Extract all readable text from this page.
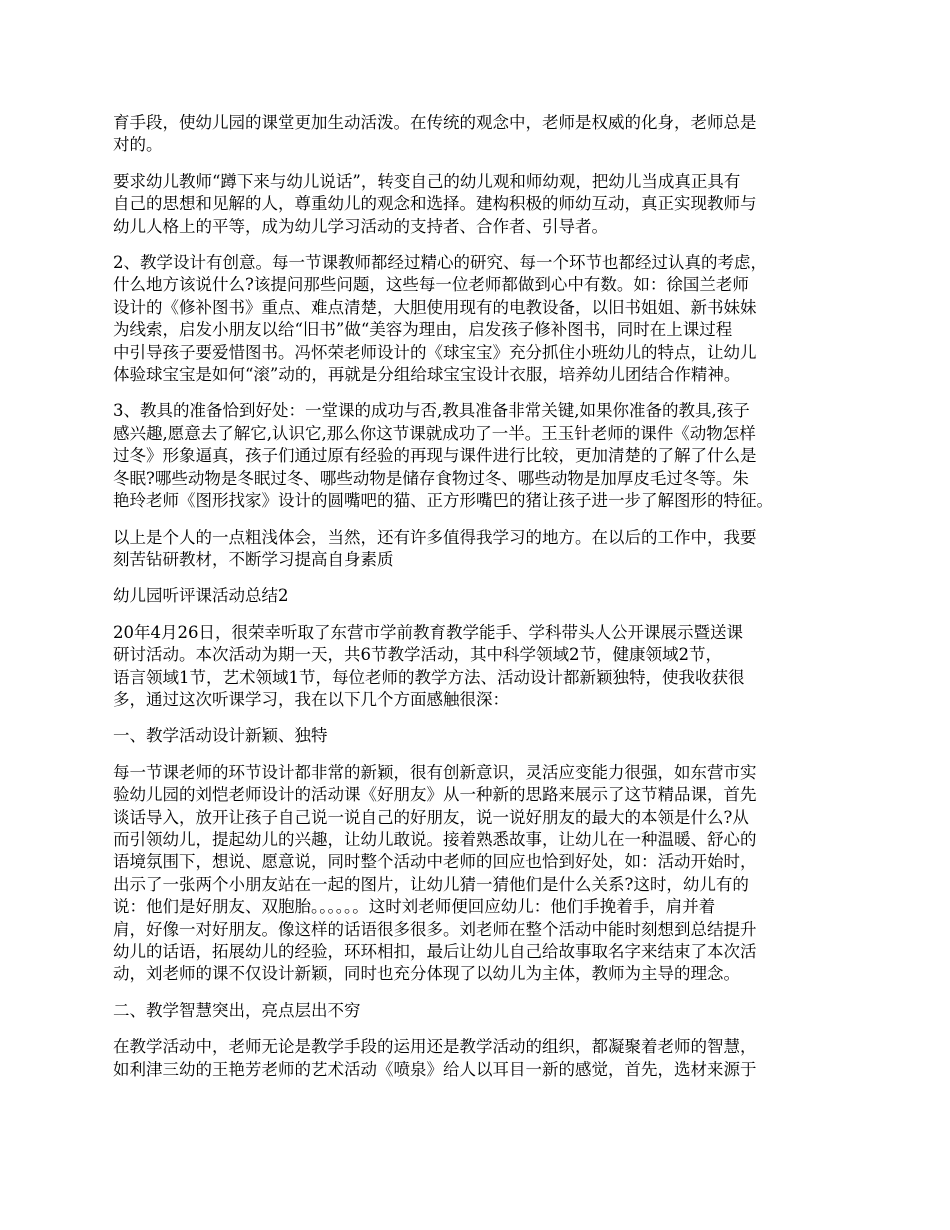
育手段，使幼儿园的课堂更加生动活泼。在传统的观念中，老师是权威的化身，老师总是
对的。
要求幼儿教师“蹲下来与幼儿说话”，转变自己的幼儿观和师幼观，把幼儿当成真正具有
自己的思想和见解的人，尊重幼儿的观念和选择。建构积极的师幼互动，真正实现教师与
幼儿人格上的平等，成为幼儿学习活动的支持者、合作者、引导者。
2、教学设计有创意。每一节课教师都经过精心的研究、每一个环节也都经过认真的考虑，
什么地方该说什么?该提问那些问题，这些每一位老师都做到心中有数。如：徐国兰老师
设计的《修补图书》重点、难点清楚，大胆使用现有的电教设备，以旧书姐姐、新书妹妹
为线索，启发小朋友以给“旧书”做“美容为理由，启发孩子修补图书，同时在上课过程
中引导孩子要爱惜图书。冯怀荣老师设计的《球宝宝》充分抓住小班幼儿的特点，让幼儿
体验球宝宝是如何“滚”动的，再就是分组给球宝宝设计衣服，培养幼儿团结合作精神。
3、教具的准备恰到好处：一堂课的成功与否,教具准备非常关键,如果你准备的教具,孩子
感兴趣,愿意去了解它,认识它,那么你这节课就成功了一半。王玉针老师的课件《动物怎样
过冬》形象逼真，孩子们通过原有经验的再现与课件进行比较，更加清楚的了解了什么是
冬眠?哪些动物是冬眠过冬、哪些动物是储存食物过冬、哪些动物是加厚皮毛过冬等。朱
艳玲老师《图形找家》设计的圆嘴吧的猫、正方形嘴巴的猪让孩子进一步了解图形的特征。
以上是个人的一点粗浅体会，当然，还有许多值得我学习的地方。在以后的工作中，我要
刻苦钻研教材，不断学习提高自身素质
幼儿园听评课活动总结2
20年4月26日，很荣幸听取了东营市学前教育教学能手、学科带头人公开课展示暨送课
研讨活动。本次活动为期一天，共6节教学活动，其中科学领域2节，健康领域2节，
语言领域1节，艺术领域1节，每位老师的教学方法、活动设计都新颖独特，使我收获很
多，通过这次听课学习，我在以下几个方面感触很深：
一、教学活动设计新颖、独特
每一节课老师的环节设计都非常的新颖，很有创新意识，灵活应变能力很强，如东营市实
验幼儿园的刘恺老师设计的活动课《好朋友》从一种新的思路来展示了这节精品课，首先
谈话导入，放开让孩子自己说一说自己的好朋友，说一说好朋友的最大的本领是什么?从
而引领幼儿，提起幼儿的兴趣，让幼儿敢说。接着熟悉故事，让幼儿在一种温暖、舒心的
语境氛围下，想说、愿意说，同时整个活动中老师的回应也恰到好处，如：活动开始时，
出示了一张两个小朋友站在一起的图片，让幼儿猜一猜他们是什么关系?这时，幼儿有的
说：他们是好朋友、双胞胎。。。。。。这时刘老师便回应幼儿：他们手挽着手，肩并着
肩，好像一对好朋友。像这样的话语很多很多。刘老师在整个活动中能时刻想到总结提升
幼儿的话语，拓展幼儿的经验，环环相扣，最后让幼儿自己给故事取名字来结束了本次活
动，刘老师的课不仅设计新颖，同时也充分体现了以幼儿为主体，教师为主导的理念。
二、教学智慧突出，亮点层出不穷
在教学活动中，老师无论是教学手段的运用还是教学活动的组织，都凝聚着老师的智慧，
如利津三幼的王艳芳老师的艺术活动《喷泉》给人以耳目一新的感觉，首先，选材来源于
